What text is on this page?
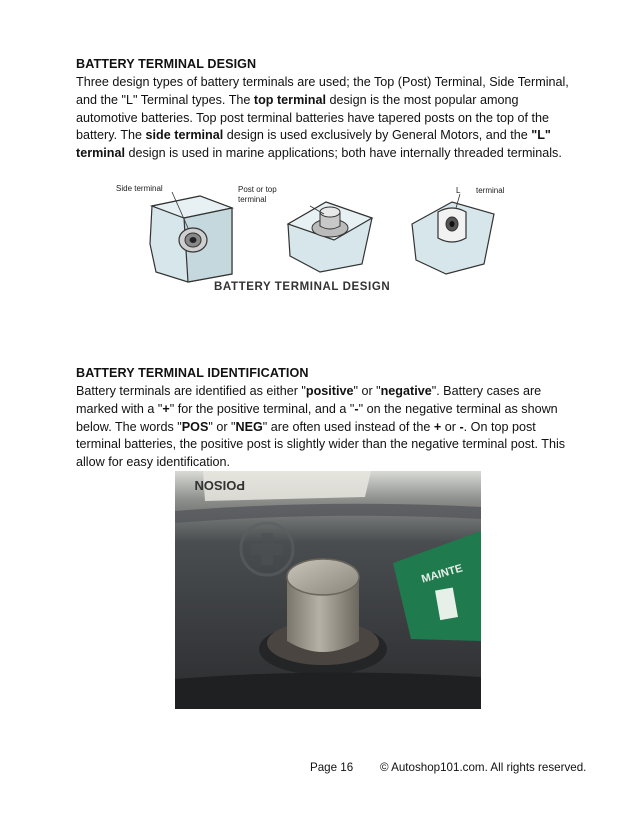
BATTERY TERMINAL DESIGN
Three design types of battery terminals are used; the Top (Post) Terminal, Side Terminal, and the "L" Terminal types. The top terminal design is the most popular among automotive batteries. Top post terminal batteries have tapered posts on the top of the battery. The side terminal design is used exclusively by General Motors, and the "L" terminal design is used in marine applications; both have internally threaded terminals.
Side terminal	Post or top
terminal
L terminal
BATTERY TERMINAL DESIGN
BATTERY TERMINAL IDENTIFICATION
Battery terminals are identified as either "positive" or "negative". Battery cases are marked with a "+" for the positive terminal, and a "-" on the negative terminal as shown below. The words "POS" or "NEG" are often used instead of the + or -. On top post terminal batteries, the positive post is slightly wider than the negative terminal post. This allow for easy identification.
POISON
MAINTE
Page 16 © Autoshop101.com. All rights reserved.
